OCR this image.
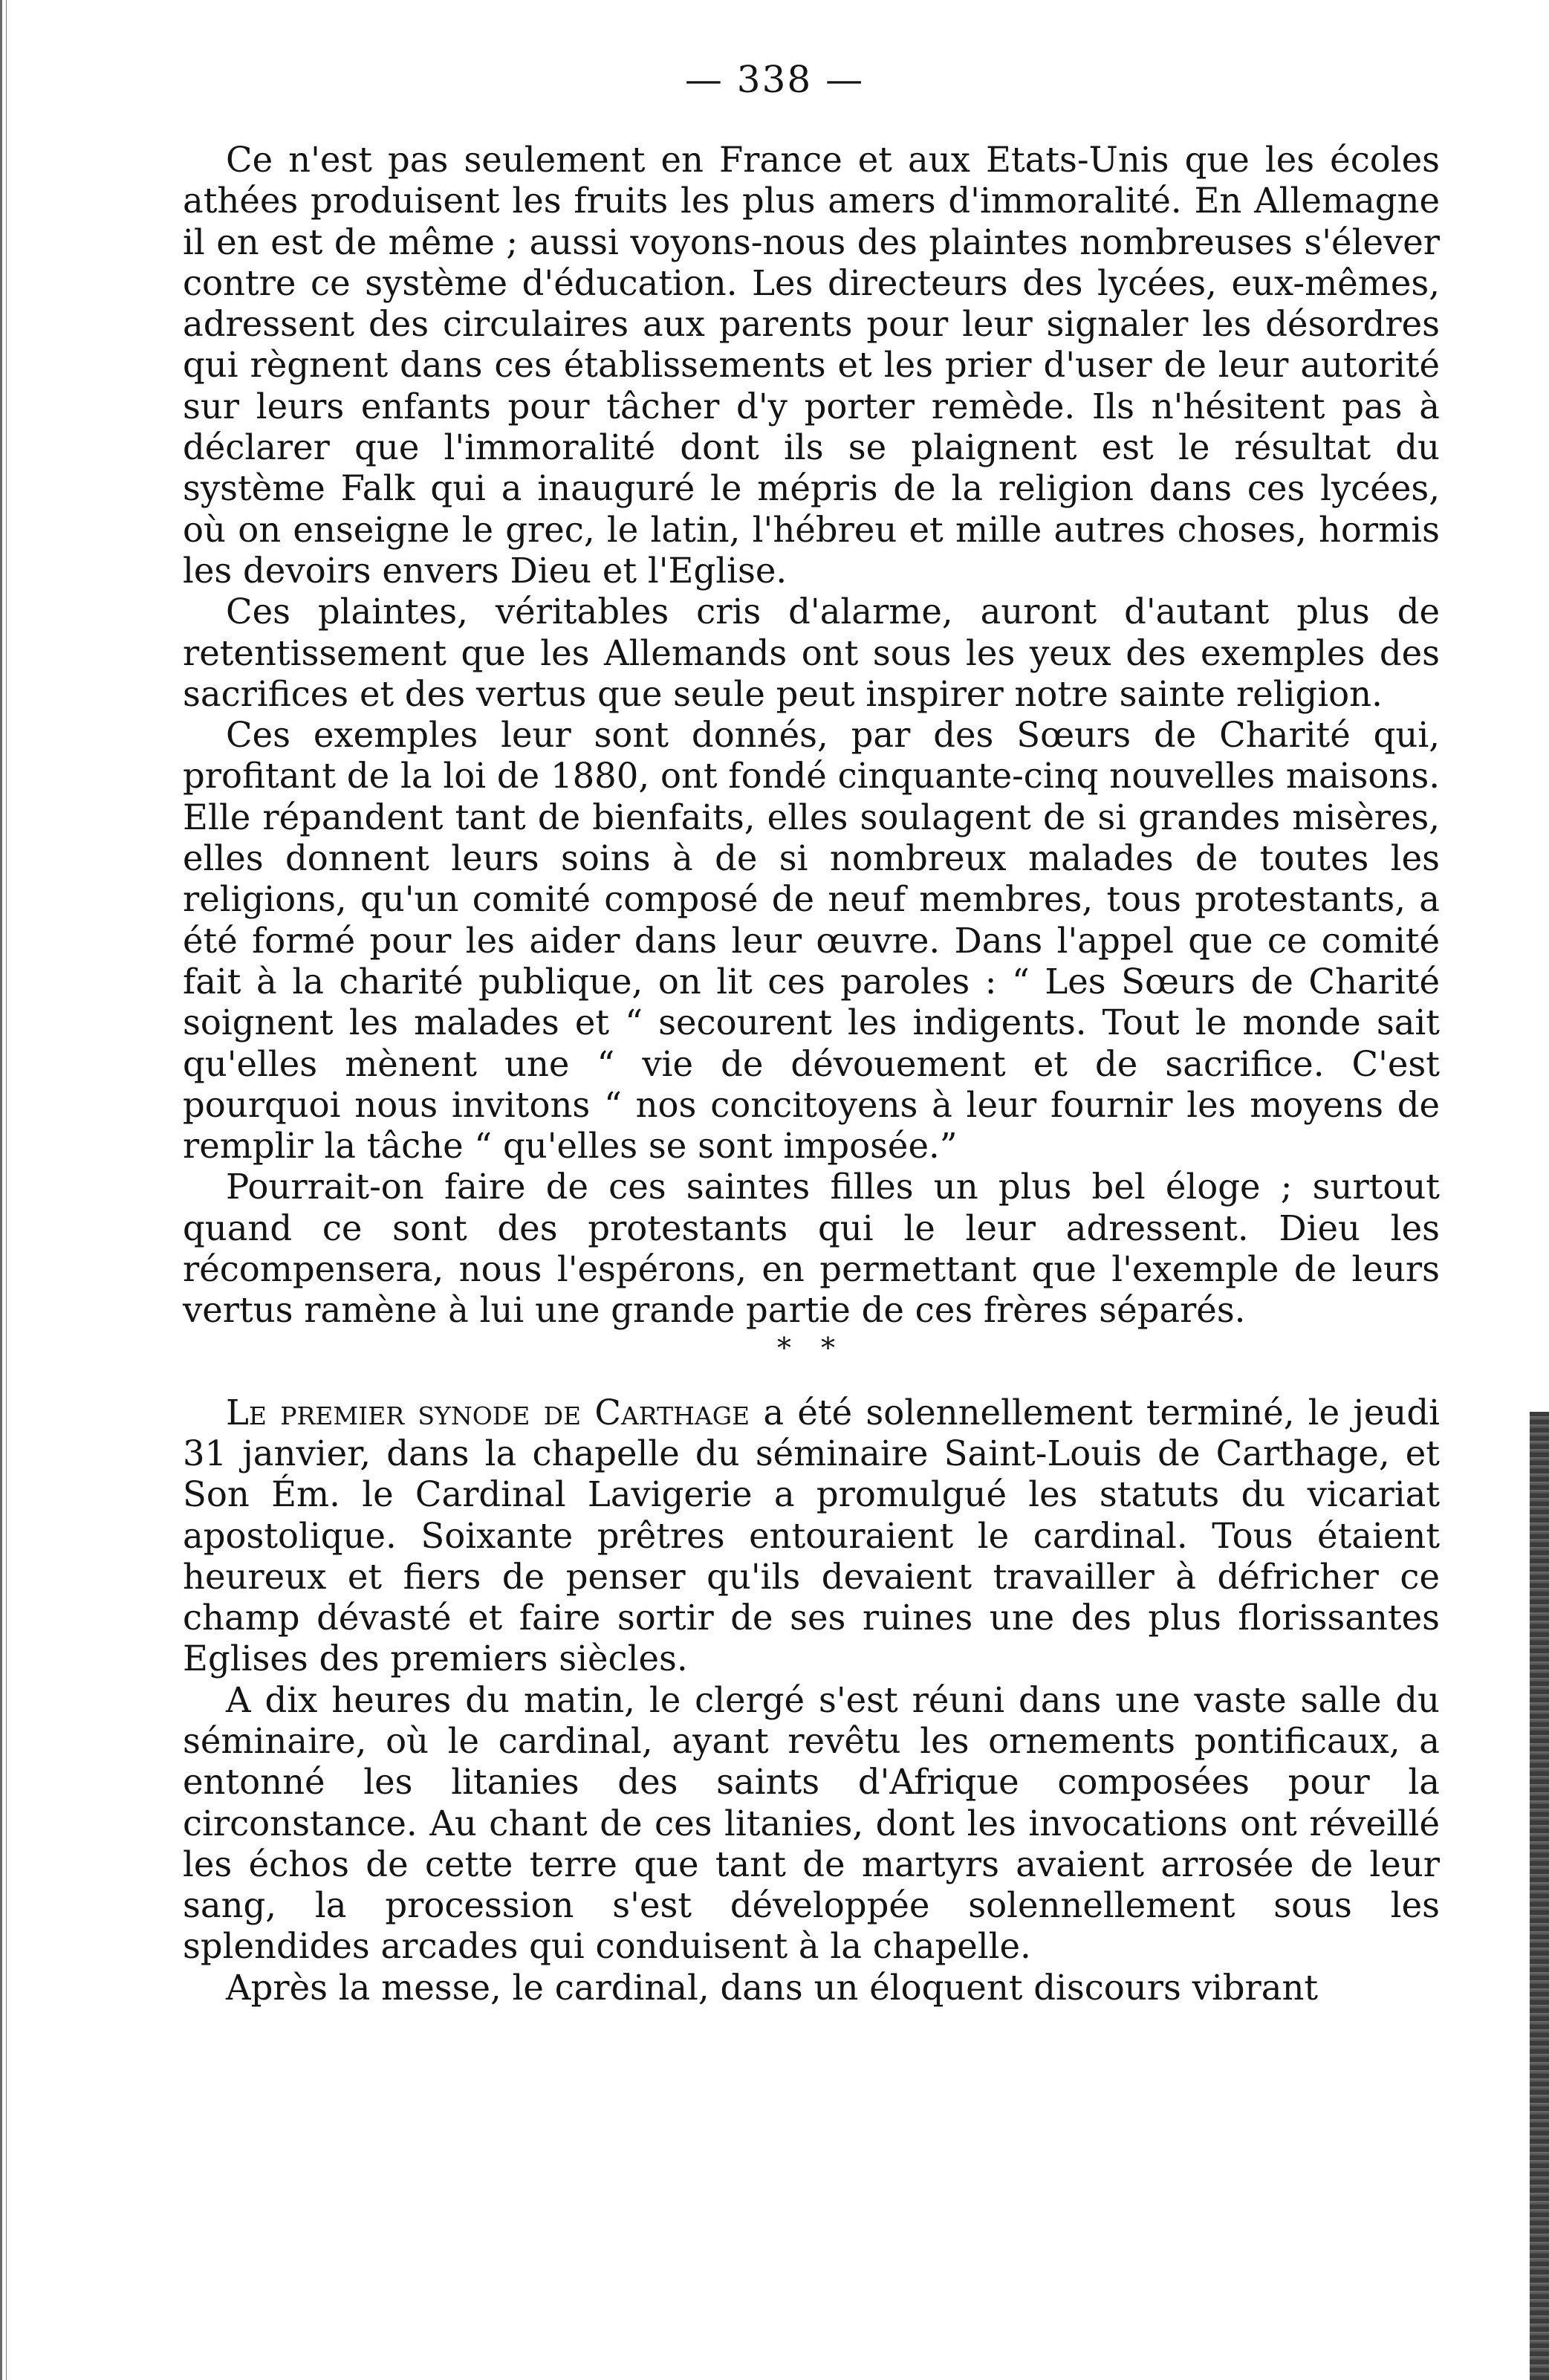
— 338 —

Ce n'est pas seulement en France et aux Etats-Unis que les écoles athées produisent les fruits les plus amers d'immoralité. En Allemagne il en est de même ; aussi voyons-nous des plaintes nombreuses s'élever contre ce système d'éducation. Les directeurs des lycées, eux-mêmes, adressent des circulaires aux parents pour leur signaler les désordres qui règnent dans ces établissements et les prier d'user de leur autorité sur leurs enfants pour tâcher d'y porter remède. Ils n'hésitent pas à déclarer que l'immoralité dont ils se plaignent est le résultat du système Falk qui a inauguré le mépris de la religion dans ces lycées, où on enseigne le grec, le latin, l'hébreu et mille autres choses, hormis les devoirs envers Dieu et l'Eglise.

Ces plaintes, véritables cris d'alarme, auront d'autant plus de retentissement que les Allemands ont sous les yeux des exemples des sacrifices et des vertus que seule peut inspirer notre sainte religion.

Ces exemples leur sont donnés, par des Sœurs de Charité qui, profitant de la loi de 1880, ont fondé cinquante-cinq nouvelles maisons. Elle répandent tant de bienfaits, elles soulagent de si grandes misères, elles donnent leurs soins à de si nombreux malades de toutes les religions, qu'un comité composé de neuf membres, tous protestants, a été formé pour les aider dans leur œuvre. Dans l'appel que ce comité fait à la charité publique, on lit ces paroles : “ Les Sœurs de Charité soignent les malades et “ secourent les indigents. Tout le monde sait qu'elles mènent une “ vie de dévouement et de sacrifice. C'est pourquoi nous invitons “ nos concitoyens à leur fournir les moyens de remplir la tâche “ qu'elles se sont imposée.”

Pourrait-on faire de ces saintes filles un plus bel éloge ; surtout quand ce sont des protestants qui le leur adressent. Dieu les récompensera, nous l'espérons, en permettant que l'exemple de leurs vertus ramène à lui une grande partie de ces frères séparés.

* *

Le premier synode de Carthage a été solennellement terminé, le jeudi 31 janvier, dans la chapelle du séminaire Saint-Louis de Carthage, et Son Ém. le Cardinal Lavigerie a promulgué les statuts du vicariat apostolique. Soixante prêtres entouraient le cardinal. Tous étaient heureux et fiers de penser qu'ils devaient travailler à défricher ce champ dévasté et faire sortir de ses ruines une des plus florissantes Eglises des premiers siècles.

A dix heures du matin, le clergé s'est réuni dans une vaste salle du séminaire, où le cardinal, ayant revêtu les ornements pontificaux, a entonné les litanies des saints d'Afrique composées pour la circonstance. Au chant de ces litanies, dont les invocations ont réveillé les échos de cette terre que tant de martyrs avaient arrosée de leur sang, la procession s'est développée solennellement sous les splendides arcades qui conduisent à la chapelle.

Après la messe, le cardinal, dans un éloquent discours vibrant
